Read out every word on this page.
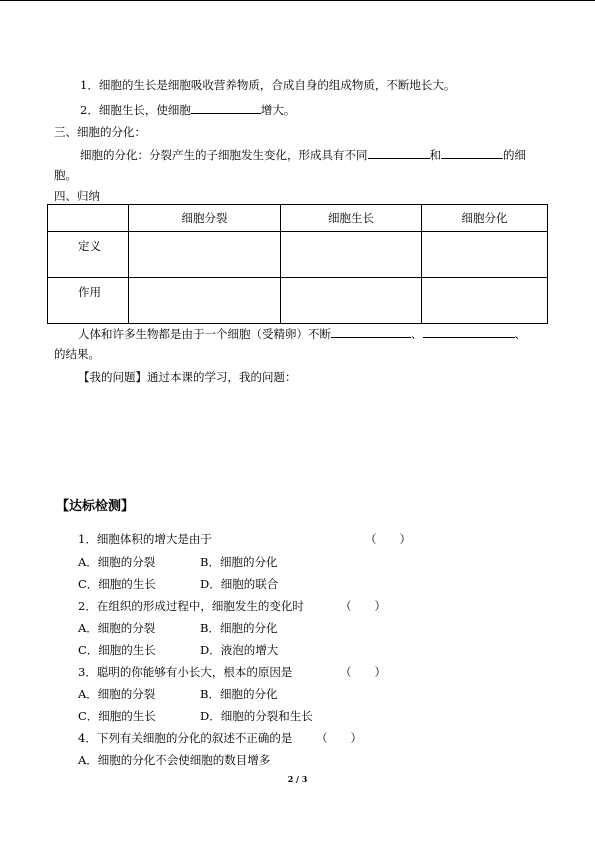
1．细胞的生长是细胞吸收营养物质，合成自身的组成物质，不断地长大。
2．细胞生长，使细胞	增大。
三、细胞的分化：
细胞的分化：分裂产生的子细胞发生变化，形成具有不同	和	的细
胞。
四、归纳
	细胞分裂	细胞生长	细胞分化
定义			
作用			
人体和许多生物都是由于一个细胞（受精卵）不断	、	、
的结果。
【我的问题】通过本课的学习，我的问题：
【达标检测】
1．细胞体积的增大是由于	（　　）
A．细胞的分裂	B．细胞的分化
C．细胞的生长	D．细胞的联合
2．在组织的形成过程中，细胞发生的变化时	（　　）
A．细胞的分裂	B．细胞的分化
C．细胞的生长	D．液泡的增大
3．聪明的你能够有小长大，根本的原因是	（　　）
A．细胞的分裂	B．细胞的分化
C．细胞的生长	D．细胞的分裂和生长
4．下列有关细胞的分化的叙述不正确的是 （　　）
A．细胞的分化不会使细胞的数目增多
2 / 3
